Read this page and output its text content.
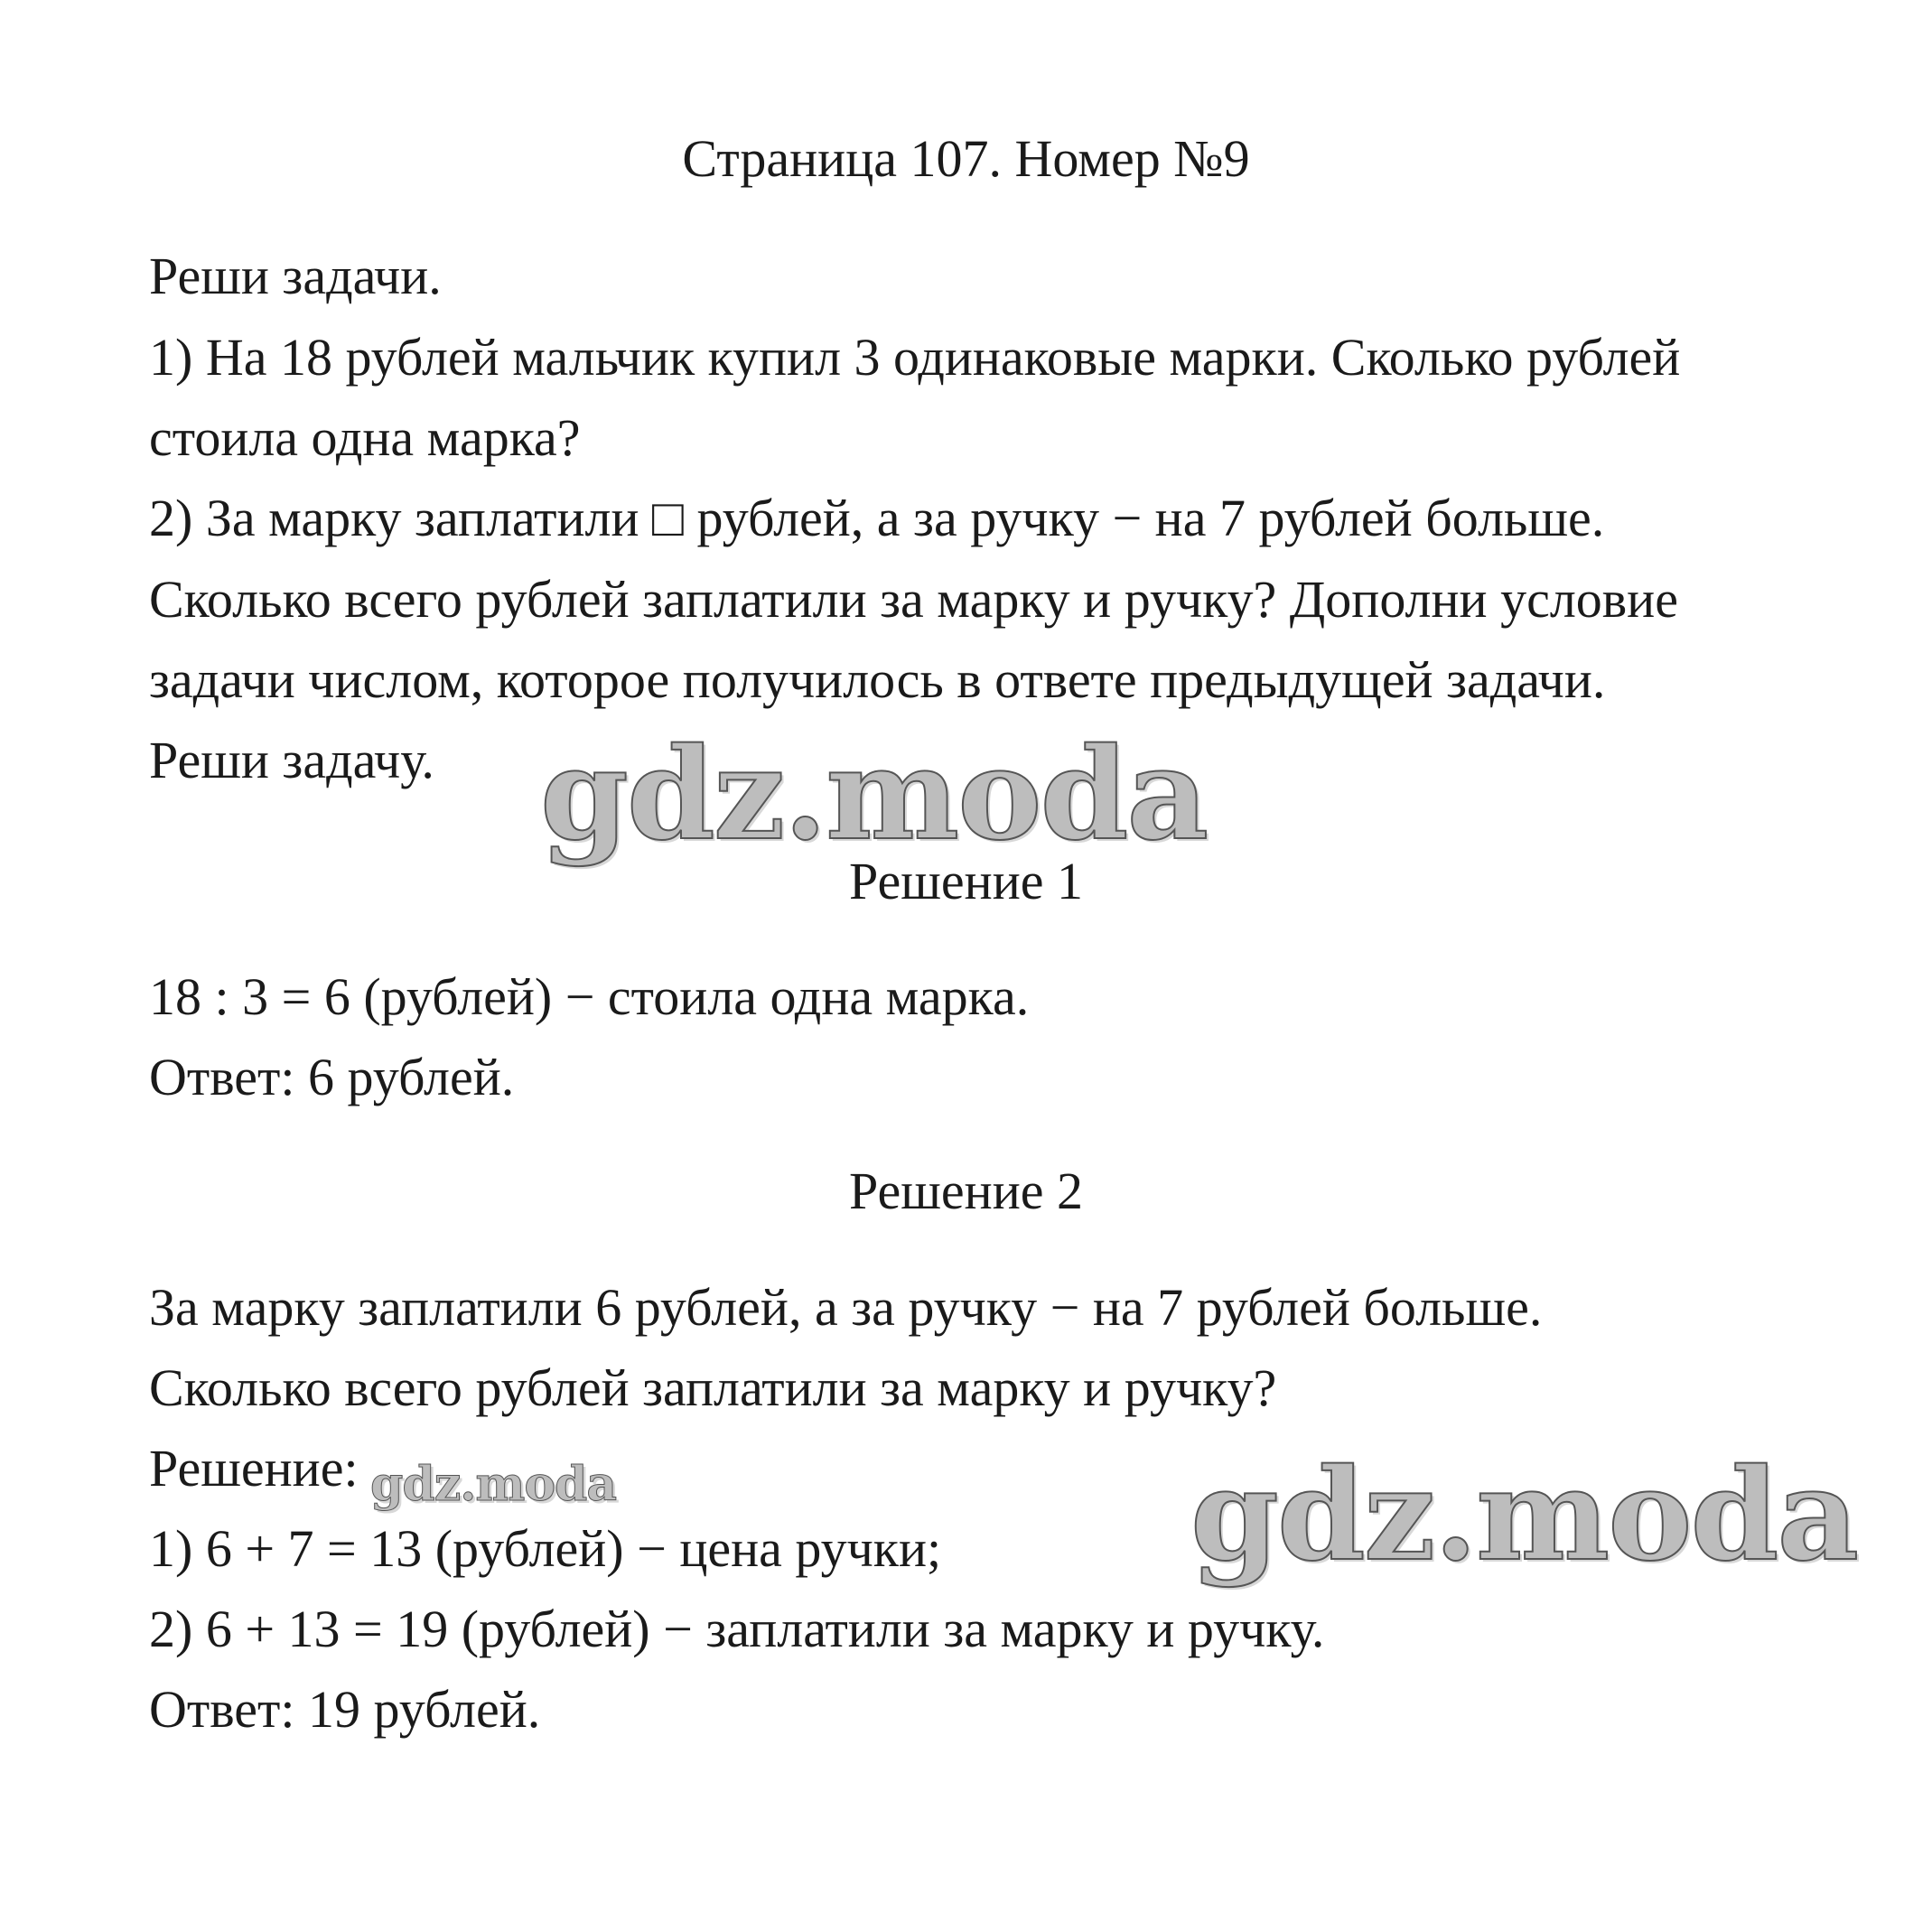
Страница 107. Номер №9

Реши задачи.

1) На 18 рублей мальчик купил 3 одинаковые марки. Сколько рублей

стоила одна марка?

2) За марку заплатили □ рублей, а за ручку − на 7 рублей больше.

Сколько всего рублей заплатили за марку и ручку? Дополни условие

задачи числом, которое получилось в ответе предыдущей задачи.

Реши задачу.

Решение 1

18 : 3 = 6 (рублей) − стоила одна марка.

Ответ: 6 рублей.

Решение 2

За марку заплатили 6 рублей, а за ручку − на 7 рублей больше.

Сколько всего рублей заплатили за марку и ручку?

Решение:

1) 6 + 7 = 13 (рублей) − цена ручки;

2) 6 + 13 = 19 (рублей) − заплатили за марку и ручку.

Ответ: 19 рублей.

gdz.moda
gdz.moda	gdz.moda
